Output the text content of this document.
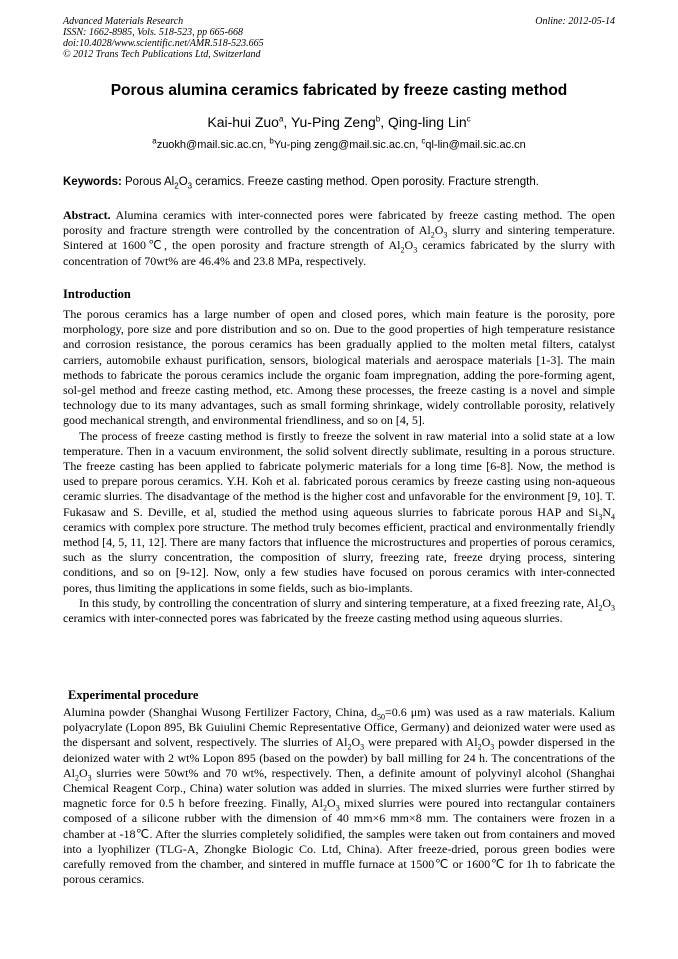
Advanced Materials Research
ISSN: 1662-8985, Vols. 518-523, pp 665-668
doi:10.4028/www.scientific.net/AMR.518-523.665
© 2012 Trans Tech Publications Ltd, Switzerland
Online: 2012-05-14
Porous alumina ceramics fabricated by freeze casting method
Kai-hui Zuo$^a$, Yu-Ping Zeng$^b$, Qing-ling Lin$^c$
$^a$zuokh@mail.sic.ac.cn, $^b$Yu-ping zeng@mail.sic.ac.cn, $^c$ql-lin@mail.sic.ac.cn
Keywords: Porous $Al_2O_3$ ceramics. Freeze casting method. Open porosity. Fracture strength.
Abstract. Alumina ceramics with inter-connected pores were fabricated by freeze casting method. The open porosity and fracture strength were controlled by the concentration of $Al_2O_3$ slurry and sintering temperature. Sintered at 1600℃, the open porosity and fracture strength of $Al_2O_3$ ceramics fabricated by the slurry with concentration of 70wt% are 46.4% and 23.8 MPa, respectively.
Introduction

The porous ceramics has a large number of open and closed pores, which main feature is the porosity, pore morphology, pore size and pore distribution and so on. Due to the good properties of high temperature resistance and corrosion resistance, the porous ceramics has been gradually applied to the molten metal filters, catalyst carriers, automobile exhaust purification, sensors, biological materials and aerospace materials [1-3]. The main methods to fabricate the porous ceramics include the organic foam impregnation, adding the pore-forming agent, sol-gel method and freeze casting method, etc. Among these processes, the freeze casting is a novel and simple technology due to its many advantages, such as small forming shrinkage, widely controllable porosity, relatively good mechanical strength, and environmental friendliness, and so on [4, 5].

The process of freeze casting method is firstly to freeze the solvent in raw material into a solid state at a low temperature. Then in a vacuum environment, the solid solvent directly sublimate, resulting in a porous structure. The freeze casting has been applied to fabricate polymeric materials for a long time [6-8]. Now, the method is used to prepare porous ceramics. Y.H. Koh et al. fabricated porous ceramics by freeze casting using non-aqueous ceramic slurries. The disadvantage of the method is the higher cost and unfavorable for the environment [9, 10]. T. Fukasaw and S. Deville, et al, studied the method using aqueous slurries to fabricate porous HAP and $Si_3N_4$ ceramics with complex pore structure. The method truly becomes efficient, practical and environmentally friendly method [4, 5, 11, 12]. There are many factors that influence the microstructures and properties of porous ceramics, such as the slurry concentration, the composition of slurry, freezing rate, freeze drying process, sintering conditions, and so on [9-12]. Now, only a few studies have focused on porous ceramics with inter-connected pores, thus limiting the applications in some fields, such as bio-implants.

In this study, by controlling the concentration of slurry and sintering temperature, at a fixed freezing rate, $Al_2O_3$ ceramics with inter-connected pores was fabricated by the freeze casting method using aqueous slurries.

Experimental procedure

Alumina powder (Shanghai Wusong Fertilizer Factory, China, $d_{50}=0.6$ μm) was used as a raw materials. Kalium polyacrylate (Lopon 895, Bk Guiulini Chemic Representative Office, Germany) and deionized water were used as the dispersant and solvent, respectively. The slurries of $Al_2O_3$ were prepared with $Al_2O_3$ powder dispersed in the deionized water with 2 wt% Lopon 895 (based on the powder) by ball milling for 24 h. The concentrations of the $Al_2O_3$ slurries were 50wt% and 70 wt%, respectively. Then, a definite amount of polyvinyl alcohol (Shanghai Chemical Reagent Corp., China) water solution was added in slurries. The mixed slurries were further stirred by magnetic force for 0.5 h before freezing. Finally, $Al_2O_3$ mixed slurries were poured into rectangular containers composed of a silicone rubber with the dimension of 40 mm×6 mm×8 mm. The containers were frozen in a chamber at -18℃. After the slurries completely solidified, the samples were taken out from containers and moved into a lyophilizer (TLG-A, Zhongke Biologic Co. Ltd, China). After freeze-dried, porous green bodies were carefully removed from the chamber, and sintered in muffle furnace at 1500℃ or 1600℃ for 1h to fabricate the porous ceramics.
